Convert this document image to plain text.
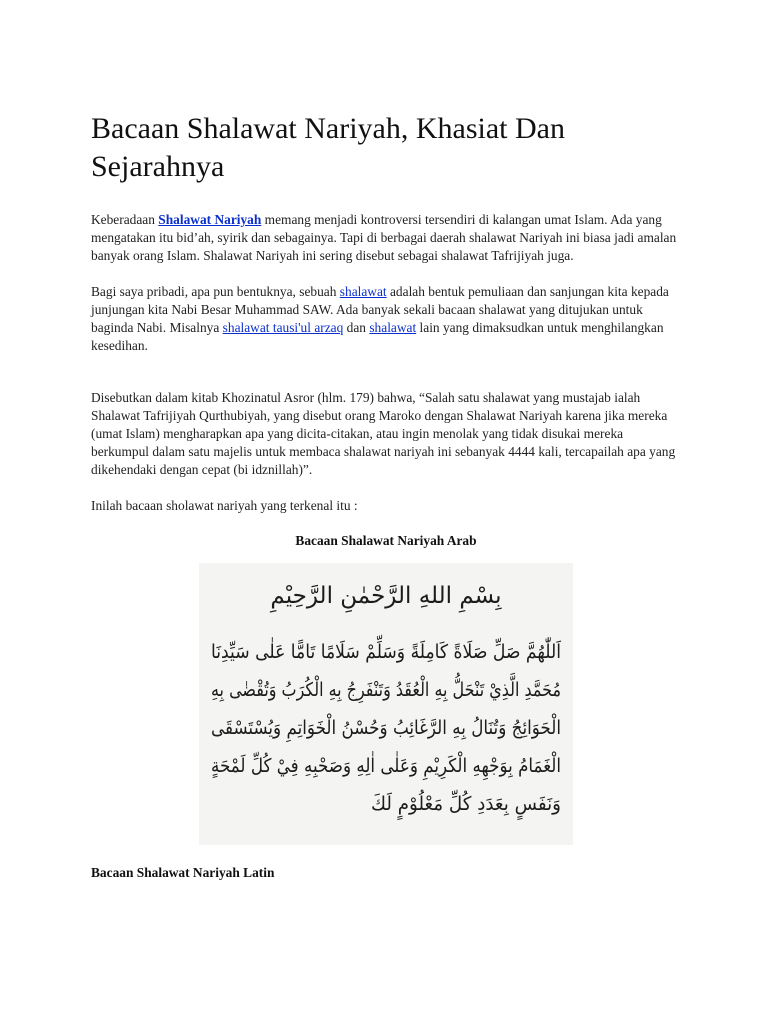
Bacaan Shalawat Nariyah, Khasiat Dan Sejarahnya

Keberadaan Shalawat Nariyah memang menjadi kontroversi tersendiri di kalangan umat Islam. Ada yang mengatakan itu bid’ah, syirik dan sebagainya. Tapi di berbagai daerah shalawat Nariyah ini biasa jadi amalan banyak orang Islam. Shalawat Nariyah ini sering disebut sebagai shalawat Tafrijiyah juga.

Bagi saya pribadi, apa pun bentuknya, sebuah shalawat adalah bentuk pemuliaan dan sanjungan kita kepada junjungan kita Nabi Besar Muhammad SAW. Ada banyak sekali bacaan shalawat yang ditujukan untuk baginda Nabi. Misalnya shalawat tausi'ul arzaq dan shalawat lain yang dimaksudkan untuk menghilangkan kesedihan.

Disebutkan dalam kitab Khozinatul Asror (hlm. 179) bahwa, “Salah satu shalawat yang mustajab ialah Shalawat Tafrijiyah Qurthubiyah, yang disebut orang Maroko dengan Shalawat Nariyah karena jika mereka (umat Islam) mengharapkan apa yang dicita-citakan, atau ingin menolak yang tidak disukai mereka berkumpul dalam satu majelis untuk membaca shalawat nariyah ini sebanyak 4444 kali, tercapailah apa yang dikehendaki dengan cepat (bi idznillah)”.

Inilah bacaan sholawat nariyah yang terkenal itu :

Bacaan Shalawat Nariyah Arab
بِسْمِ اللهِ الرَّحْمٰنِ الرَّحِيْمِ
اَللّٰهُمَّ صَلِّ صَلَاةً كَامِلَةً وَسَلِّمْ سَلَامًا تَامًّا عَلٰى سَيِّدِنَا
مُحَمَّدِ الَّذِيْ تَنْحَلُّ بِهِ الْعُقَدُ وَتَنْفَرِجُ بِهِ الْكُرَبُ وَتُقْضٰى بِهِ
الْحَوَائِجُ وَتُنَالُ بِهِ الرَّغَائِبُ وَحُسْنُ الْخَوَاتِمِ وَيُسْتَسْقَى
الْغَمَامُ بِوَجْهِهِ الْكَرِيْمِ وَعَلٰى اٰلِهِ وَصَحْبِهِ فِيْ كُلِّ لَمْحَةٍ
وَنَفَسٍ بِعَدَدِ كُلِّ مَعْلُوْمٍ لَكَ
Bacaan Shalawat Nariyah Latin
